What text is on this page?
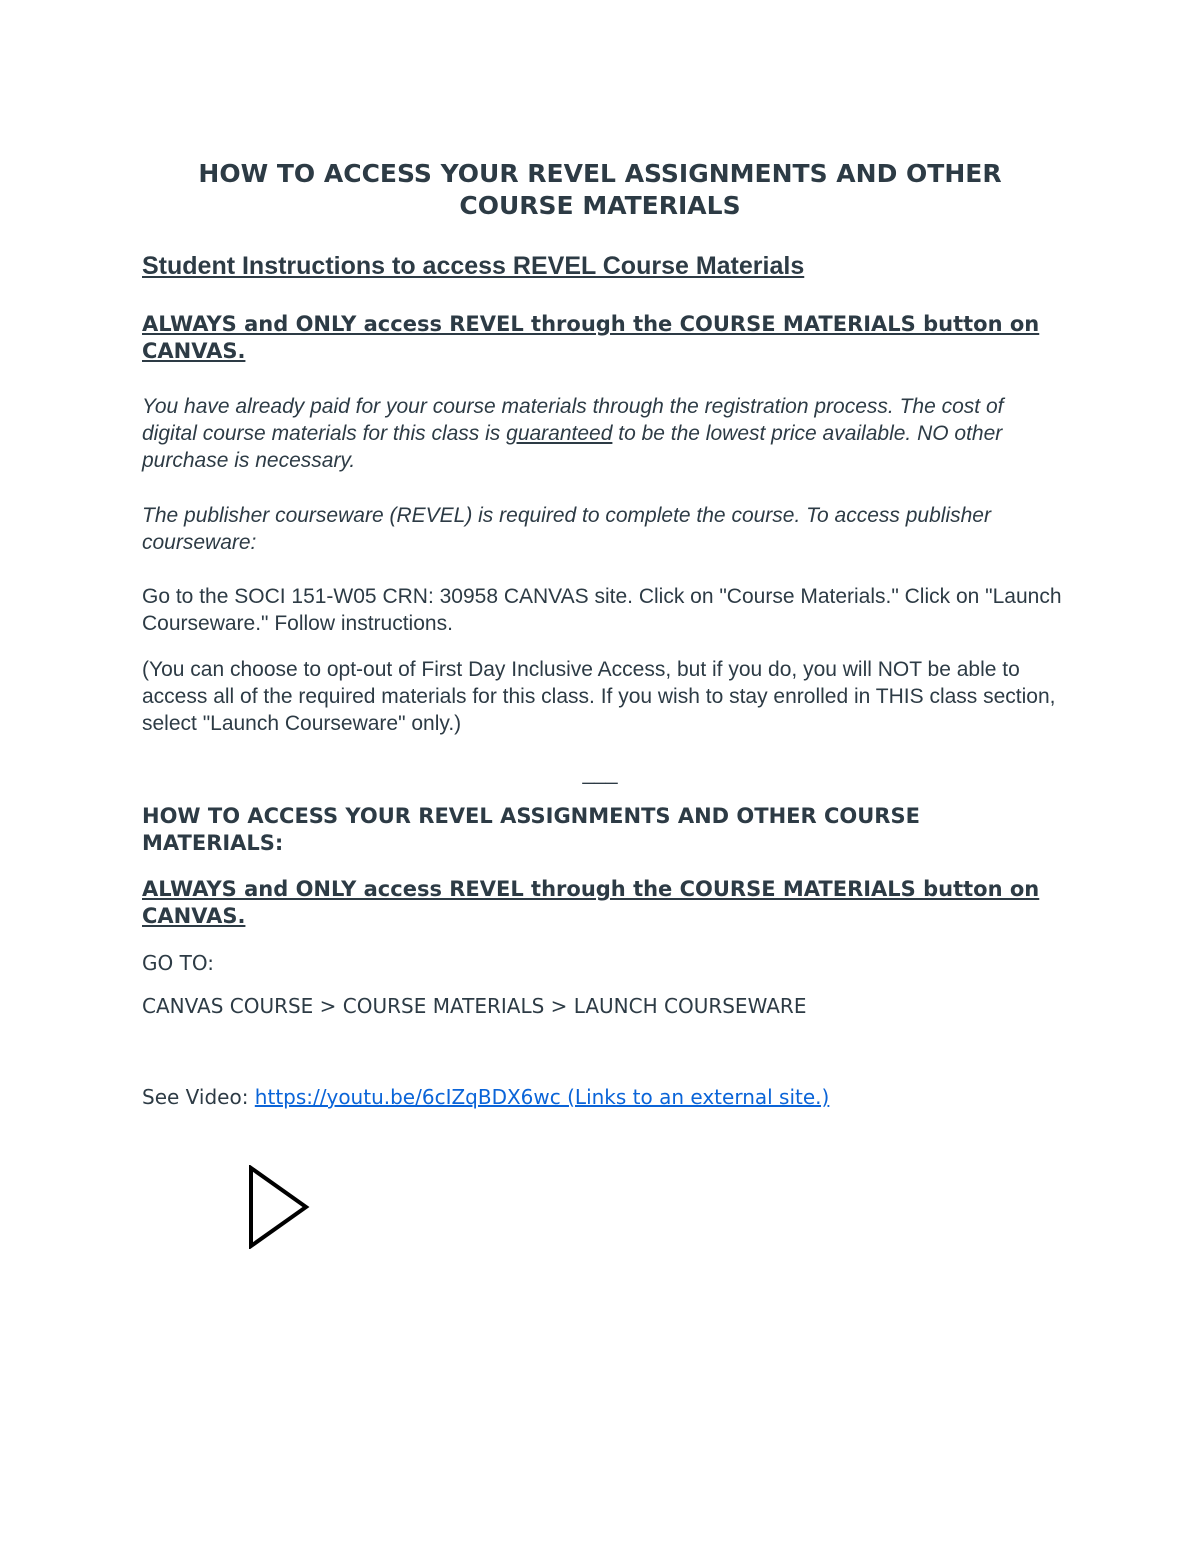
HOW TO ACCESS YOUR REVEL ASSIGNMENTS AND OTHER COURSE MATERIALS
Student Instructions to access REVEL Course Materials
ALWAYS and ONLY access REVEL through the COURSE MATERIALS button on CANVAS.

You have already paid for your course materials through the registration process. The cost of digital course materials for this class is guaranteed to be the lowest price available. NO other purchase is necessary.

The publisher courseware (REVEL) is required to complete the course. To access publisher courseware:

Go to the SOCI 151-W05 CRN: 30958 CANVAS site. Click on "Course Materials." Click on "Launch Courseware." Follow instructions.

(You can choose to opt-out of First Day Inclusive Access, but if you do, you will NOT be able to access all of the required materials for this class. If you wish to stay enrolled in THIS class section, select "Launch Courseware" only.)

___
HOW TO ACCESS YOUR REVEL ASSIGNMENTS AND OTHER COURSE MATERIALS:
ALWAYS and ONLY access REVEL through the COURSE MATERIALS button on CANVAS.
GO TO:
CANVAS COURSE > COURSE MATERIALS > LAUNCH COURSEWARE
See Video: https://youtu.be/6cIZqBDX6wc (Links to an external site.)
